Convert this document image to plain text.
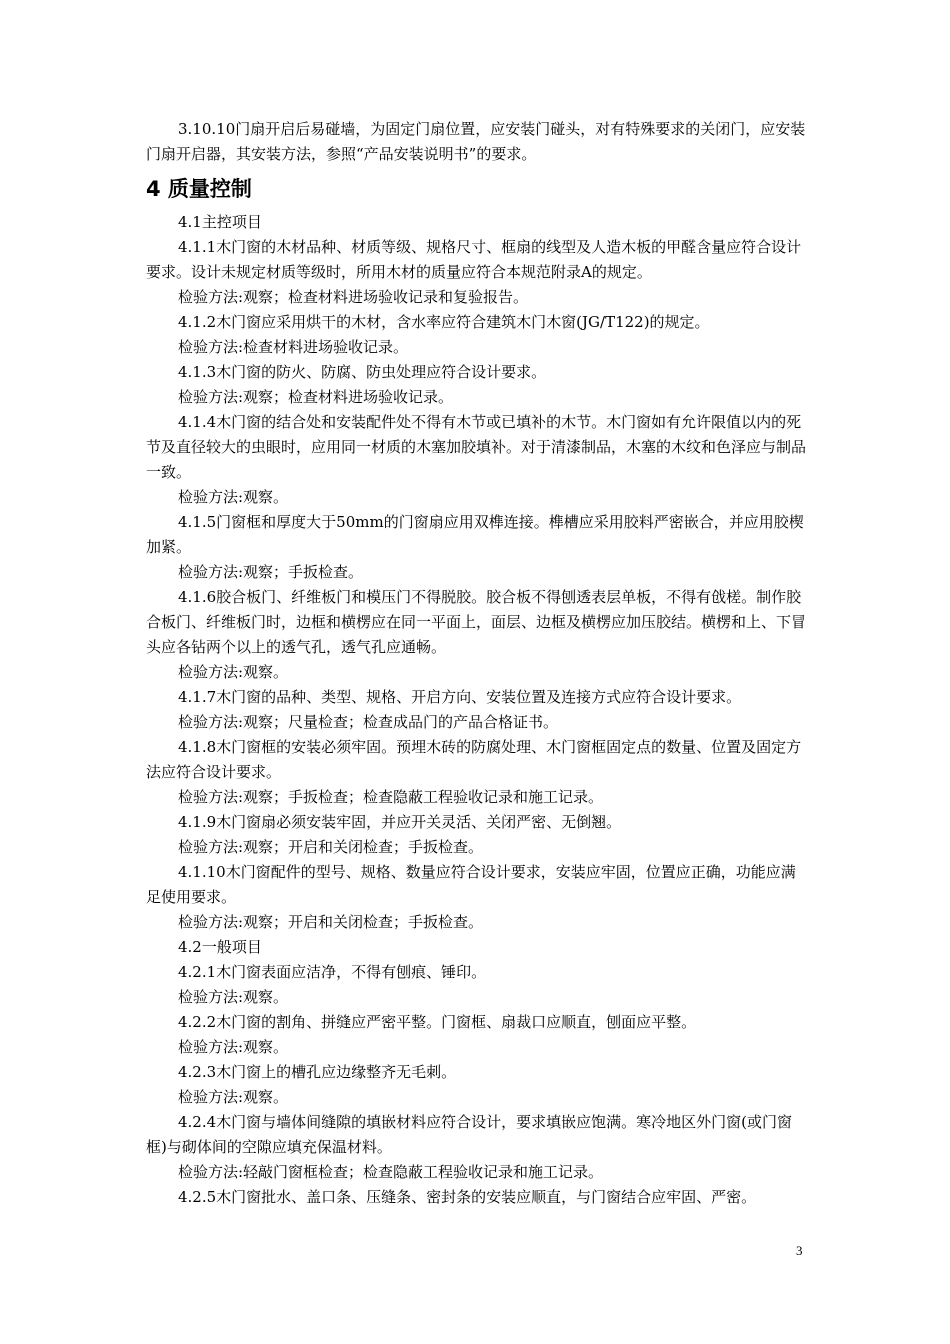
3.10.10门扇开启后易碰墙，为固定门扇位置，应安装门碰头，对有特殊要求的关闭门，应安装门扇开启器，其安装方法，参照“产品安装说明书”的要求。

4 质量控制

4.1主控项目

4.1.1木门窗的木材品种、材质等级、规格尺寸、框扇的线型及人造木板的甲醛含量应符合设计要求。设计未规定材质等级时，所用木材的质量应符合本规范附录A的规定。

检验方法:观察；检查材料进场验收记录和复验报告。

4.1.2木门窗应采用烘干的木材，含水率应符合建筑木门木窗(JG/T122)的规定。

检验方法:检查材料进场验收记录。

4.1.3木门窗的防火、防腐、防虫处理应符合设计要求。

检验方法:观察；检查材料进场验收记录。

4.1.4木门窗的结合处和安装配件处不得有木节或已填补的木节。木门窗如有允许限值以内的死节及直径较大的虫眼时，应用同一材质的木塞加胶填补。对于清漆制品，木塞的木纹和色泽应与制品一致。

检验方法:观察。

4.1.5门窗框和厚度大于50mm的门窗扇应用双榫连接。榫槽应采用胶料严密嵌合，并应用胶楔加紧。

检验方法:观察；手扳检查。

4.1.6胶合板门、纤维板门和模压门不得脱胶。胶合板不得刨透表层单板，不得有戗槎。制作胶合板门、纤维板门时，边框和横楞应在同一平面上，面层、边框及横楞应加压胶结。横楞和上、下冒头应各钻两个以上的透气孔，透气孔应通畅。

检验方法:观察。

4.1.7木门窗的品种、类型、规格、开启方向、安装位置及连接方式应符合设计要求。

检验方法:观察；尺量检查；检查成品门的产品合格证书。

4.1.8木门窗框的安装必须牢固。预埋木砖的防腐处理、木门窗框固定点的数量、位置及固定方法应符合设计要求。

检验方法:观察；手扳检查；检查隐蔽工程验收记录和施工记录。

4.1.9木门窗扇必须安装牢固，并应开关灵活、关闭严密、无倒翘。

检验方法:观察；开启和关闭检查；手扳检查。

4.1.10木门窗配件的型号、规格、数量应符合设计要求，安装应牢固，位置应正确，功能应满足使用要求。

检验方法:观察；开启和关闭检查；手扳检查。

4.2一般项目

4.2.1木门窗表面应洁净，不得有刨痕、锤印。

检验方法:观察。

4.2.2木门窗的割角、拼缝应严密平整。门窗框、扇裁口应顺直，刨面应平整。

检验方法:观察。

4.2.3木门窗上的槽孔应边缘整齐无毛刺。

检验方法:观察。

4.2.4木门窗与墙体间缝隙的填嵌材料应符合设计，要求填嵌应饱满。寒冷地区外门窗(或门窗框)与砌体间的空隙应填充保温材料。

检验方法:轻敲门窗框检查；检查隐蔽工程验收记录和施工记录。

4.2.5木门窗批水、盖口条、压缝条、密封条的安装应顺直，与门窗结合应牢固、严密。

3
